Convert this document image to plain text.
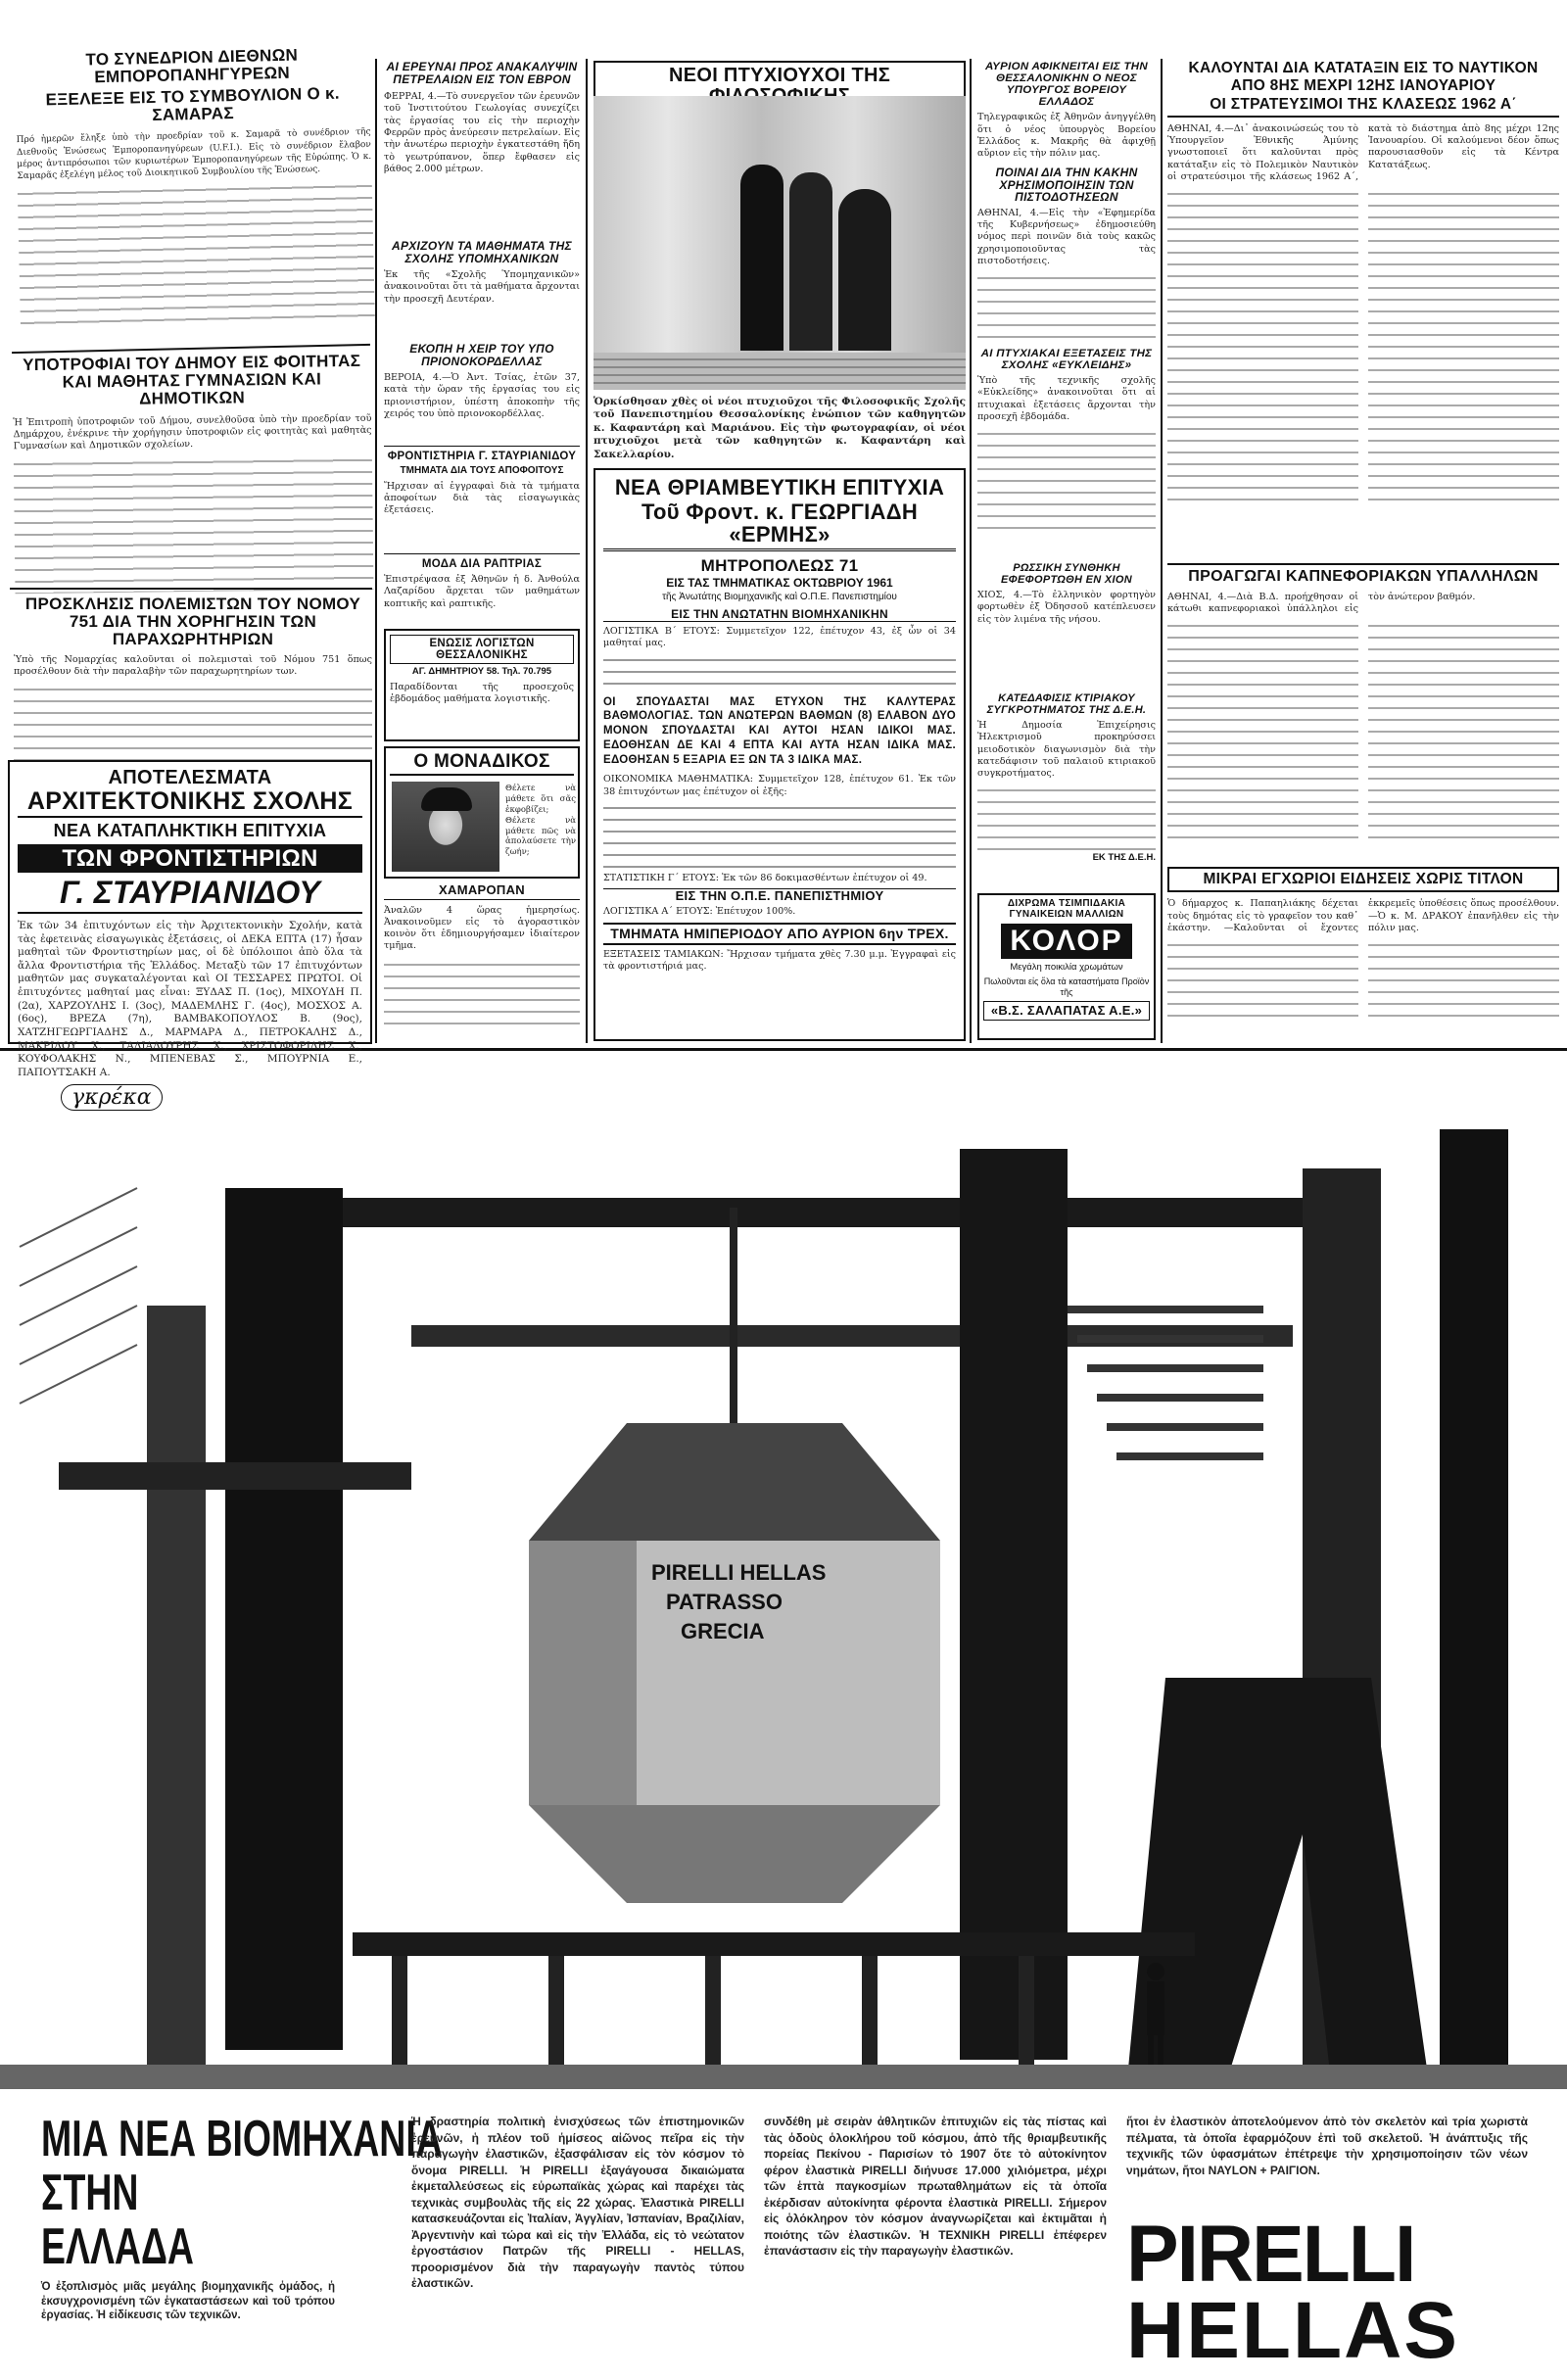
ΤΟ ΣΥΝΕΔΡΙΟΝ ΔΙΕΘΝΩΝ ΕΜΠΟΡΟΠΑΝΗΓΥΡΕΩΝ
ΕΞΕΛΕΞΕ ΕΙΣ ΤΟ ΣΥΜΒΟΥΛΙΟΝ Ο κ. ΣΑΜΑΡΑΣ
Πρό ἡμερῶν ἔληξε ὑπὸ τὴν προεδρίαν τοῦ κ. Σαμαρᾶ τὸ συνέδριον τῆς Διεθνοῦς Ἑνώσεως Ἐμποροπανηγύρεων (U.F.I.). Εἰς τὸ συνέδριον ἔλαβον μέρος ἀντιπρόσωποι τῶν κυριωτέρων Ἐμποροπανηγύρεων τῆς Εὐρώπης. Ὁ κ. Σαμαρᾶς ἐξελέγη μέλος τοῦ Διοικητικοῦ Συμβουλίου τῆς Ἑνώσεως.
ΥΠΟΤΡΟΦΙΑΙ ΤΟΥ ΔΗΜΟΥ ΕΙΣ ΦΟΙΤΗΤΑΣ ΚΑΙ ΜΑΘΗΤΑΣ ΓΥΜΝΑΣΙΩΝ ΚΑΙ ΔΗΜΟΤΙΚΩΝ
Ἡ Ἐπιτροπὴ ὑποτροφιῶν τοῦ Δήμου, συνελθοῦσα ὑπὸ τὴν προεδρίαν τοῦ Δημάρχου, ἐνέκρινε τὴν χορήγησιν ὑποτροφιῶν εἰς φοιτητὰς καὶ μαθητὰς Γυμνασίων καὶ Δημοτικῶν σχολείων.
ΠΡΟΣΚΛΗΣΙΣ ΠΟΛΕΜΙΣΤΩΝ ΤΟΥ ΝΟΜΟΥ 751 ΔΙΑ ΤΗΝ ΧΟΡΗΓΗΣΙΝ ΤΩΝ ΠΑΡΑΧΩΡΗΤΗΡΙΩΝ
Ὑπὸ τῆς Νομαρχίας καλοῦνται οἱ πολεμισταὶ τοῦ Νόμου 751 ὅπως προσέλθουν διὰ τὴν παραλαβὴν τῶν παραχωρητηρίων των.
ΑΠΟΤΕΛΕΣΜΑΤΑ
ΑΡΧΙΤΕΚΤΟΝΙΚΗΣ ΣΧΟΛΗΣ
ΝΕΑ ΚΑΤΑΠΛΗΚΤΙΚΗ ΕΠΙΤΥΧΙΑ
ΤΩΝ ΦΡΟΝΤΙΣΤΗΡΙΩΝ
Γ. ΣΤΑΥΡΙΑΝΙΔΟΥ
Ἐκ τῶν 34 ἐπιτυχόντων εἰς τὴν Ἀρχιτεκτονικὴν Σχολήν, κατὰ τὰς ἐφετεινὰς εἰσαγωγικὰς ἐξετάσεις, οἱ ΔΕΚΑ ΕΠΤΑ (17) ἦσαν μαθηταὶ τῶν Φροντιστηρίων μας, οἱ δὲ ὑπόλοιποι ἀπὸ ὅλα τὰ ἄλλα Φροντιστήρια τῆς Ἑλλάδος. Μεταξὺ τῶν 17 ἐπιτυχόντων μαθητῶν μας συγκαταλέγονται καὶ ΟΙ ΤΕΣΣΑΡΕΣ ΠΡΩΤΟΙ. Οἱ ἐπιτυχόντες μαθηταί μας εἶναι: ΞΥΔΑΣ Π. (1ος), ΜΙΧΟΥΔΗ Π. (2α), ΧΑΡΖΟΥΛΗΣ Ι. (3ος), ΜΑΔΕΜΛΗΣ Γ. (4ος), ΜΟΣΧΟΣ Α. (6ος), ΒΡΕΖΑ (7η), ΒΑΜΒΑΚΟΠΟΥΛΟΣ Β. (9ος), ΧΑΤΖΗΓΕΩΡΓΙΑΔΗΣ Δ., ΜΑΡΜΑΡΑ Δ., ΠΕΤΡΟΚΑΛΗΣ Δ., ΜΑΚΡΙΔΟΥ Χ., ΤΑΛΙΑΔΟΥΡΗΣ Χ., ΧΡΙΣΤΟΦΟΡΙΔΗΣ Χ., ΚΟΥΦΟΛΑΚΗΣ Ν., ΜΠΕΝΕΒΑΣ Σ., ΜΠΟΥΡΝΙΑ Ε., ΠΑΠΟΥΤΣΑΚΗ Α.
ΑΙ ΕΡΕΥΝΑΙ ΠΡΟΣ ΑΝΑΚΑΛΥΨΙΝ ΠΕΤΡΕΛΑΙΩΝ ΕΙΣ ΤΟΝ ΕΒΡΟΝ
ΦΕΡΡΑΙ, 4.—Τὸ συνεργεῖον τῶν ἐρευνῶν τοῦ Ἰνστιτούτου Γεωλογίας συνεχίζει τὰς ἐργασίας του εἰς τὴν περιοχὴν Φερρῶν πρὸς ἀνεύρεσιν πετρελαίων. Εἰς τὴν ἀνωτέρω περιοχὴν ἐγκατεστάθη ἤδη τὸ γεωτρύπανον, ὅπερ ἔφθασεν εἰς βάθος 2.000 μέτρων.
ΑΡΧΙΖΟΥΝ ΤΑ ΜΑΘΗΜΑΤΑ ΤΗΣ ΣΧΟΛΗΣ ΥΠΟΜΗΧΑΝΙΚΩΝ
Ἐκ τῆς «Σχολῆς Ὑπομηχανικῶν» ἀνακοινοῦται ὅτι τὰ μαθήματα ἄρχονται τὴν προσεχῆ Δευτέραν.
ΕΚΟΠΗ Η ΧΕΙΡ ΤΟΥ ΥΠΟ ΠΡΙΟΝΟΚΟΡΔΕΛΛΑΣ
ΒΕΡΟΙΑ, 4.—Ὁ Ἀντ. Τσίας, ἐτῶν 37, κατὰ τὴν ὥραν τῆς ἐργασίας του εἰς πριονιστήριον, ὑπέστη ἀποκοπὴν τῆς χειρός του ὑπὸ πριονοκορδέλλας.
ΦΡΟΝΤΙΣΤΗΡΙΑ Γ. ΣΤΑΥΡΙΑΝΙΔΟΥ
ΤΜΗΜΑΤΑ ΔΙΑ ΤΟΥΣ ΑΠΟΦΟΙΤΟΥΣ
Ἤρχισαν αἱ ἐγγραφαὶ διὰ τὰ τμήματα ἀποφοίτων διὰ τὰς εἰσαγωγικὰς ἐξετάσεις.
ΜΟΔΑ ΔΙΑ ΡΑΠΤΡΙΑΣ
Ἐπιστρέψασα ἐξ Ἀθηνῶν ἡ δ. Ἀνθούλα Λαζαρίδου ἄρχεται τῶν μαθημάτων κοπτικῆς καὶ ραπτικῆς.
ΕΝΩΣΙΣ ΛΟΓΙΣΤΩΝ ΘΕΣΣΑΛΟΝΙΚΗΣ
ΑΓ. ΔΗΜΗΤΡΙΟΥ 58. Τηλ. 70.795
Παραδίδονται τῆς προσεχοῦς ἑβδομάδος μαθήματα λογιστικῆς.
Ο ΜΟΝΑΔΙΚΟΣ
Θέλετε νὰ μάθετε ὅτι σᾶς ἐκφοβίζει; Θέλετε νὰ μάθετε πῶς νὰ ἀπολαύσετε τὴν ζωήν;
ΧΑΜΑΡΟΠΑΝ
Ἀναλῶν 4 ὥρας ἡμερησίως. Ἀνακοινοῦμεν εἰς τὸ ἀγοραστικὸν κοινὸν ὅτι ἐδημιουργήσαμεν ἰδιαίτερον τμῆμα.
ΝΕΟΙ ΠΤΥΧΙΟΥΧΟΙ ΤΗΣ
Ὁρκίσθησαν χθὲς οἱ νέοι πτυχιοῦχοι τῆς Φιλοσοφικῆς Σχολῆς τοῦ Πανεπιστημίου Θεσσαλονίκης ἐνώπιον τῶν καθηγητῶν κ. Καφαντάρη καὶ Μαριάνου. Εἰς τὴν φωτογραφίαν, οἱ νέοι πτυχιοῦχοι μετὰ τῶν καθηγητῶν κ. Καφαντάρη καὶ Σακελλαρίου.
ΝΕΑ ΘΡΙΑΜΒΕΥΤΙΚΗ ΕΠΙΤΥΧΙΑ
Τοῦ Φροντ. κ. ΓΕΩΡΓΙΑΔΗ «ΕΡΜΗΣ»
ΜΗΤΡΟΠΟΛΕΩΣ 71
ΕΙΣ ΤΑΣ ΤΜΗΜΑΤΙΚΑΣ ΟΚΤΩΒΡΙΟΥ 1961
τῆς Ἀνωτάτης Βιομηχανικῆς καὶ Ο.Π.Ε. Πανεπιστημίου
ΕΙΣ ΤΗΝ ΑΝΩΤΑΤΗΝ ΒΙΟΜΗΧΑΝΙΚΗΝ
ΛΟΓΙΣΤΙΚΑ Β΄ ΕΤΟΥΣ: Συμμετεῖχον 122, ἐπέτυχον 43, ἐξ ὧν οἱ 34 μαθηταί μας.
ΟΙ ΣΠΟΥΔΑΣΤΑΙ ΜΑΣ ΕΤΥΧΟΝ ΤΗΣ ΚΑΛΥΤΕΡΑΣ ΒΑΘΜΟΛΟΓΙΑΣ. ΤΩΝ ΑΝΩΤΕΡΩΝ ΒΑΘΜΩΝ (8) ΕΛΑΒΟΝ ΔΥΟ ΜΟΝΟΝ ΣΠΟΥΔΑΣΤΑΙ ΚΑΙ ΑΥΤΟΙ ΗΣΑΝ ΙΔΙΚΟΙ ΜΑΣ. ΕΔΟΘΗΣΑΝ ΔΕ ΚΑΙ 4 ΕΠΤΑ ΚΑΙ ΑΥΤΑ ΗΣΑΝ ΙΔΙΚΑ ΜΑΣ. ΕΔΟΘΗΣΑΝ 5 ΕΞΑΡΙΑ ΕΞ ΩΝ ΤΑ 3 ΙΔΙΚΑ ΜΑΣ.
ΟΙΚΟΝΟΜΙΚΑ ΜΑΘΗΜΑΤΙΚΑ: Συμμετεῖχον 128, ἐπέτυχον 61. Ἐκ τῶν 38 ἐπιτυχόντων μας ἐπέτυχον οἱ ἑξῆς:
ΣΤΑΤΙΣΤΙΚΗ Γ΄ ΕΤΟΥΣ: Ἐκ τῶν 86 δοκιμασθέντων ἐπέτυχον οἱ 49.
ΕΙΣ ΤΗΝ Ο.Π.Ε. ΠΑΝΕΠΙΣΤΗΜΙΟΥ
ΛΟΓΙΣΤΙΚΑ Α΄ ΕΤΟΥΣ: Ἐπέτυχον 100%.
ΤΜΗΜΑΤΑ ΗΜΙΠΕΡΙΟΔΟΥ ΑΠΟ ΑΥΡΙΟΝ 6ην ΤΡΕΧ.
ΕΞΕΤΑΣΕΙΣ ΤΑΜΙΑΚΩΝ: Ἤρχισαν τμήματα χθὲς 7.30 μ.μ. Ἐγγραφαὶ εἰς τὰ φροντιστήριά μας.
ΑΥΡΙΟΝ ΑΦΙΚΝΕΙΤΑΙ ΕΙΣ ΤΗΝ ΘΕΣΣΑΛΟΝΙΚΗΝ Ο ΝΕΟΣ ΥΠΟΥΡΓΟΣ ΒΟΡΕΙΟΥ ΕΛΛΑΔΟΣ
Τηλεγραφικῶς ἐξ Ἀθηνῶν ἀνηγγέλθη ὅτι ὁ νέος ὑπουργὸς Βορείου Ἑλλάδος κ. Μακρῆς θὰ ἀφιχθῇ αὔριον εἰς τὴν πόλιν μας.
ΠΟΙΝΑΙ ΔΙΑ ΤΗΝ ΚΑΚΗΝ ΧΡΗΣΙΜΟΠΟΙΗΣΙΝ ΤΩΝ ΠΙΣΤΟΔΟΤΗΣΕΩΝ
ΑΘΗΝΑΙ, 4.—Εἰς τὴν «Ἐφημερίδα τῆς Κυβερνήσεως» ἐδημοσιεύθη νόμος περὶ ποινῶν διὰ τοὺς κακῶς χρησιμοποιοῦντας τὰς πιστοδοτήσεις.
ΑΙ ΠΤΥΧΙΑΚΑΙ ΕΞΕΤΑΣΕΙΣ ΤΗΣ ΣΧΟΛΗΣ «ΕΥΚΛΕΙΔΗΣ»
Ὑπὸ τῆς τεχνικῆς σχολῆς «Εὐκλείδης» ἀνακοινοῦται ὅτι αἱ πτυχιακαὶ ἐξετάσεις ἄρχονται τὴν προσεχῆ ἑβδομάδα.
ΡΩΣΣΙΚΗ ΣΥΝΘΗΚΗ ΕΦΕΦΟΡΤΩΘΗ ΕΝ ΧΙΟΝ
ΧΙΟΣ, 4.—Τὸ ἐλληνικὸν φορτηγὸν φορτωθὲν ἐξ Ὀδησσοῦ κατέπλευσεν εἰς τὸν λιμένα τῆς νήσου.
ΚΑΤΕΔΑΦΙΣΙΣ ΚΤΙΡΙΑΚΟΥ ΣΥΓΚΡΟΤΗΜΑΤΟΣ ΤΗΣ Δ.Ε.Η.
Ἡ Δημοσία Ἐπιχείρησις Ἠλεκτρισμοῦ προκηρύσσει μειοδοτικὸν διαγωνισμὸν διὰ τὴν κατεδάφισιν τοῦ παλαιοῦ κτιριακοῦ συγκροτήματος.
ΕΚ ΤΗΣ Δ.Ε.Η.
ΔΙΧΡΩΜΑ ΤΣΙΜΠΙΔΑΚΙΑ ΓΥΝΑΙΚΕΙΩΝ ΜΑΛΛΙΩΝ
ΚΟΛΟΡ
Μεγάλη ποικιλία χρωμάτων
Πωλοῦνται εἰς ὅλα τὰ καταστήματα Προϊὸν τῆς
«Β.Σ. ΣΑΛΑΠΑΤΑΣ Α.Ε.»
ΚΑΛΟΥΝΤΑΙ ΔΙΑ ΚΑΤΑΤΑΞΙΝ ΕΙΣ ΤΟ ΝΑΥΤΙΚΟΝ
ΑΠΟ 8ΗΣ ΜΕΧΡΙ 12ΗΣ ΙΑΝΟΥΑΡΙΟΥ
ΟΙ ΣΤΡΑΤΕΥΣΙΜΟΙ ΤΗΣ ΚΛΑΣΕΩΣ 1962 Α΄
ΑΘΗΝΑΙ, 4.—Δι᾿ ἀνακοινώσεώς του τὸ Ὑπουργεῖον Ἐθνικῆς Ἀμύνης γνωστοποιεῖ ὅτι καλοῦνται πρὸς κατάταξιν εἰς τὸ Πολεμικὸν Ναυτικὸν οἱ στρατεύσιμοι τῆς κλάσεως 1962 Α΄, κατὰ τὸ διάστημα ἀπὸ 8ης μέχρι 12ης Ἰανουαρίου. Οἱ καλούμενοι δέον ὅπως παρουσιασθοῦν εἰς τὰ Κέντρα Κατατάξεως.
ΠΡΟΑΓΩΓΑΙ ΚΑΠΝΕΦΟΡΙΑΚΩΝ ΥΠΑΛΛΗΛΩΝ
ΑΘΗΝΑΙ, 4.—Διὰ Β.Δ. προήχθησαν οἱ κάτωθι καπνεφοριακοὶ ὑπάλληλοι εἰς τὸν ἀνώτερον βαθμόν.
ΜΙΚΡΑΙ ΕΓΧΩΡΙΟΙ ΕΙΔΗΣΕΙΣ ΧΩΡΙΣ ΤΙΤΛΟΝ
Ὁ δήμαρχος κ. Παπαηλιάκης δέχεται τοὺς δημότας εἰς τὸ γραφεῖον του καθ᾿ ἑκάστην. —Καλοῦνται οἱ ἔχοντες ἐκκρεμεῖς ὑποθέσεις ὅπως προσέλθουν. —Ὁ κ. Μ. ΔΡΑΚΟΥ ἐπανῆλθεν εἰς τὴν πόλιν μας.
γκρέκα
PIRELLI HELLAS
PATRASSO
GRECIA
ΜΙΑ ΝΕΑ ΒΙΟΜΗΧΑΝΙΑ
ΣΤΗΝ
ΕΛΛΑΔΑ
Ὁ ἐξοπλισμὸς μιᾶς μεγάλης βιομηχανικῆς ὁμάδος, ἡ ἐκσυγχρονισμένη τῶν ἐγκαταστάσεων καὶ τοῦ τρόπου ἐργασίας. Ἡ εἰδίκευσις τῶν τεχνικῶν.
Ἡ δραστηρία πολιτικὴ ἐνισχύσεως τῶν ἐπιστημονικῶν ἐρευνῶν, ἡ πλέον τοῦ ἡμίσεος αἰῶνος πεῖρα εἰς τὴν παραγωγὴν ἐλαστικῶν, ἐξασφάλισαν εἰς τὸν κόσμον τὸ ὄνομα PIRELLI. Ἡ PIRELLI ἐξαγάγουσα δικαιώματα ἐκμεταλλεύσεως εἰς εὐρωπαϊκὰς χώρας καὶ παρέχει τὰς τεχνικὰς συμβουλὰς τῆς εἰς 22 χώρας. Ἐλαστικὰ PIRELLI κατασκευάζονται εἰς Ἰταλίαν, Ἀγγλίαν, Ἰσπανίαν, Βραζιλίαν, Ἀργεντινὴν καὶ τώρα καὶ εἰς τὴν Ἑλλάδα, εἰς τὸ νεώτατον ἐργοστάσιον Πατρῶν τῆς PIRELLI - HELLAS, προορισμένον διὰ τὴν παραγωγὴν παντὸς τύπου ἐλαστικῶν.
συνδέθη μὲ σειρὰν ἀθλητικῶν ἐπιτυχιῶν εἰς τὰς πίστας καὶ τὰς ὁδοὺς ὁλοκλήρου τοῦ κόσμου, ἀπὸ τῆς θριαμβευτικῆς πορείας Πεκίνου - Παρισίων τὸ 1907 ὅτε τὸ αὐτοκίνητον φέρον ἐλαστικὰ PIRELLI διήνυσε 17.000 χιλιόμετρα, μέχρι τῶν ἑπτὰ παγκοσμίων πρωταθλημάτων εἰς τὰ ὁποῖα ἐκέρδισαν αὐτοκίνητα φέροντα ἐλαστικὰ PIRELLI. Σήμερον εἰς ὁλόκληρον τὸν κόσμον ἀναγνωρίζεται καὶ ἐκτιμᾶται ἡ ποιότης τῶν ἐλαστικῶν. Ἡ ΤΕΧΝΙΚΗ PIRELLI ἐπέφερεν ἐπανάστασιν εἰς τὴν παραγωγὴν ἐλαστικῶν.
ἤτοι ἐν ἐλαστικὸν ἀποτελούμενον ἀπὸ τὸν σκελετὸν καὶ τρία χωριστὰ πέλματα, τὰ ὁποῖα ἐφαρμόζουν ἐπὶ τοῦ σκελετοῦ. Ἡ ἀνάπτυξις τῆς τεχνικῆς τῶν ὑφασμάτων ἐπέτρεψε τὴν χρησιμοποίησιν τῶν νέων νημάτων, ἤτοι NAYLON + ΡΑΙΓΙΟΝ.
PIRELLI
HELLAS
